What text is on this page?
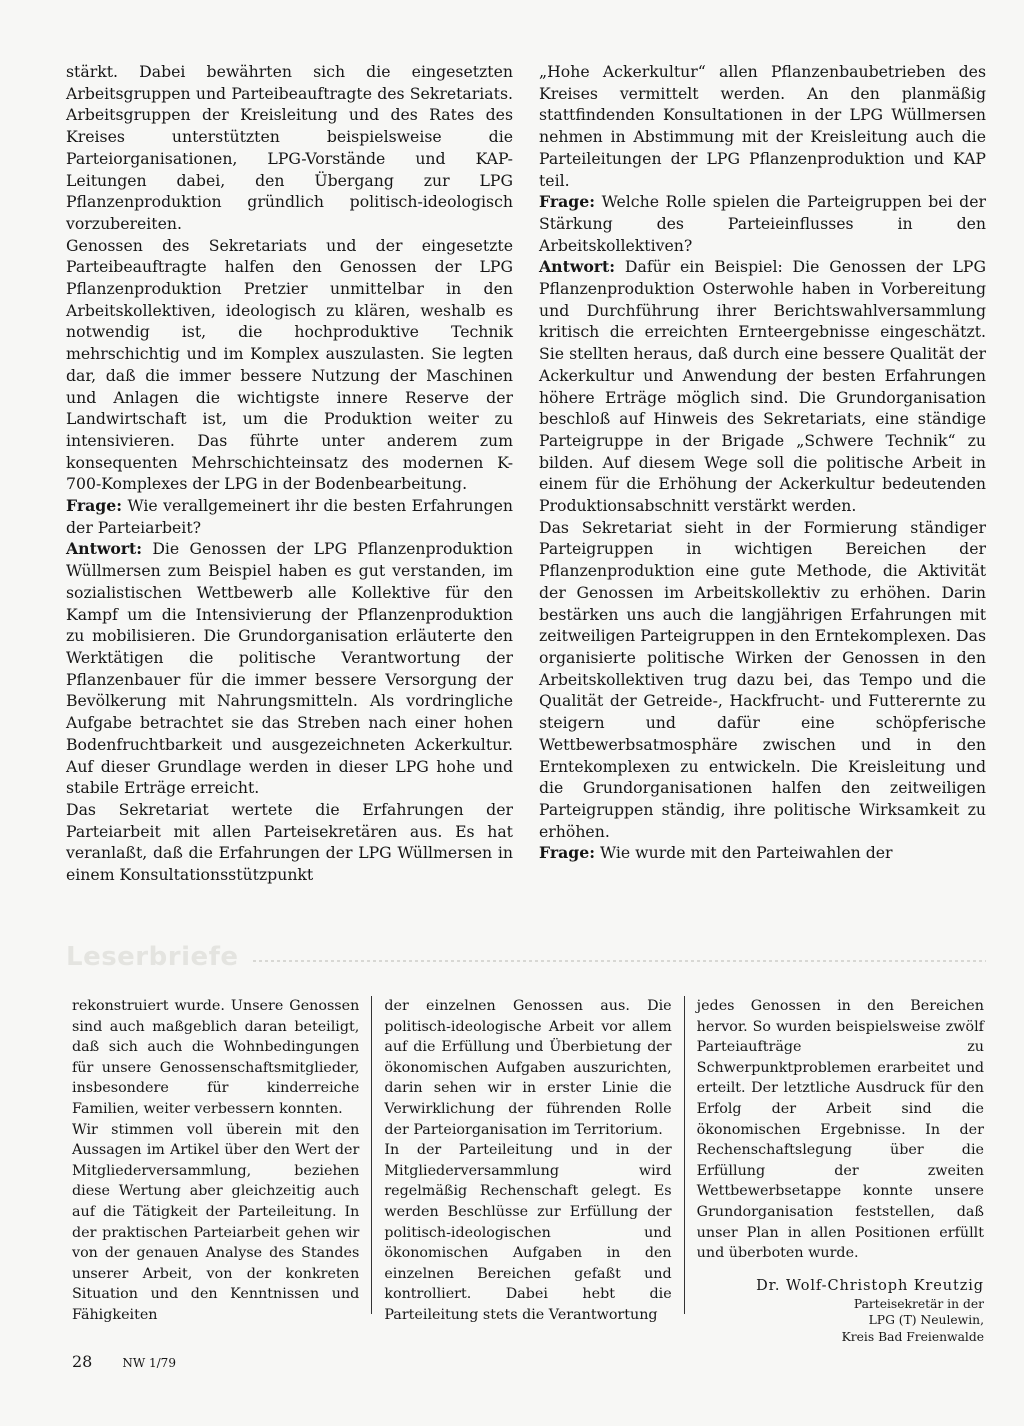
stärkt. Dabei bewährten sich die eingesetzten Arbeitsgruppen und Parteibeauftragte des Sekretariats. Arbeitsgruppen der Kreisleitung und des Rates des Kreises unterstützten beispielsweise die Parteiorganisationen, LPG-Vorstände und KAP-Leitungen dabei, den Übergang zur LPG Pflanzenproduktion gründlich politisch-ideologisch vorzubereiten.

Genossen des Sekretariats und der eingesetzte Parteibeauftragte halfen den Genossen der LPG Pflanzenproduktion Pretzier unmittelbar in den Arbeitskollektiven, ideologisch zu klären, weshalb es notwendig ist, die hochproduktive Technik mehrschichtig und im Komplex auszulasten. Sie legten dar, daß die immer bessere Nutzung der Maschinen und Anlagen die wichtigste innere Reserve der Landwirtschaft ist, um die Produktion weiter zu intensivieren. Das führte unter anderem zum konsequenten Mehrschichteinsatz des modernen K-700-Komplexes der LPG in der Bodenbearbeitung.

Frage: Wie verallgemeinert ihr die besten Erfahrungen der Parteiarbeit?

Antwort: Die Genossen der LPG Pflanzenproduktion Wüllmersen zum Beispiel haben es gut verstanden, im sozialistischen Wettbewerb alle Kollektive für den Kampf um die Intensivierung der Pflanzenproduktion zu mobilisieren. Die Grundorganisation erläuterte den Werktätigen die politische Verantwortung der Pflanzenbauer für die immer bessere Versorgung der Bevölkerung mit Nahrungsmitteln. Als vordringliche Aufgabe betrachtet sie das Streben nach einer hohen Bodenfruchtbarkeit und ausgezeichneten Ackerkultur. Auf dieser Grundlage werden in dieser LPG hohe und stabile Erträge erreicht.

Das Sekretariat wertete die Erfahrungen der Parteiarbeit mit allen Parteisekretären aus. Es hat veranlaßt, daß die Erfahrungen der LPG Wüllmersen in einem Konsultationsstützpunkt

„Hohe Ackerkultur“ allen Pflanzenbaubetrieben des Kreises vermittelt werden. An den planmäßig stattfindenden Konsultationen in der LPG Wüllmersen nehmen in Abstimmung mit der Kreisleitung auch die Parteileitungen der LPG Pflanzenproduktion und KAP teil.

Frage: Welche Rolle spielen die Parteigruppen bei der Stärkung des Parteieinflusses in den Arbeitskollektiven?

Antwort: Dafür ein Beispiel: Die Genossen der LPG Pflanzenproduktion Osterwohle haben in Vorbereitung und Durchführung ihrer Berichtswahlversammlung kritisch die erreichten Ernteergebnisse eingeschätzt. Sie stellten heraus, daß durch eine bessere Qualität der Ackerkultur und Anwendung der besten Erfahrungen höhere Erträge möglich sind. Die Grundorganisation beschloß auf Hinweis des Sekretariats, eine ständige Parteigruppe in der Brigade „Schwere Technik“ zu bilden. Auf diesem Wege soll die politische Arbeit in einem für die Erhöhung der Ackerkultur bedeutenden Produktionsabschnitt verstärkt werden.

Das Sekretariat sieht in der Formierung ständiger Parteigruppen in wichtigen Bereichen der Pflanzenproduktion eine gute Methode, die Aktivität der Genossen im Arbeitskollektiv zu erhöhen. Darin bestärken uns auch die langjährigen Erfahrungen mit zeitweiligen Parteigruppen in den Erntekomplexen. Das organisierte politische Wirken der Genossen in den Arbeitskollektiven trug dazu bei, das Tempo und die Qualität der Getreide-, Hackfrucht- und Futterernte zu steigern und dafür eine schöpferische Wettbewerbsatmosphäre zwischen und in den Erntekomplexen zu entwickeln. Die Kreisleitung und die Grundorganisationen halfen den zeitweiligen Parteigruppen ständig, ihre politische Wirksamkeit zu erhöhen.

Frage: Wie wurde mit den Parteiwahlen der

Leserbriefe

rekonstruiert wurde. Unsere Genossen sind auch maßgeblich daran beteiligt, daß sich auch die Wohnbedingungen für unsere Genossenschaftsmitglieder, insbesondere für kinderreiche Familien, weiter verbessern konnten.

Wir stimmen voll überein mit den Aussagen im Artikel über den Wert der Mitgliederversammlung, beziehen diese Wertung aber gleichzeitig auch auf die Tätigkeit der Parteileitung. In der praktischen Parteiarbeit gehen wir von der genauen Analyse des Standes unserer Arbeit, von der konkreten Situation und den Kenntnissen und Fähigkeiten

der einzelnen Genossen aus. Die politisch-ideologische Arbeit vor allem auf die Erfüllung und Überbietung der ökonomischen Aufgaben auszurichten, darin sehen wir in erster Linie die Verwirklichung der führenden Rolle der Parteiorganisation im Territorium.

In der Parteileitung und in der Mitgliederversammlung wird regelmäßig Rechenschaft gelegt. Es werden Beschlüsse zur Erfüllung der politisch-ideologischen und ökonomischen Aufgaben in den einzelnen Bereichen gefaßt und kontrolliert. Dabei hebt die Parteileitung stets die Verantwortung

jedes Genossen in den Bereichen hervor. So wurden beispielsweise zwölf Parteiaufträge zu Schwerpunktproblemen erarbeitet und erteilt. Der letztliche Ausdruck für den Erfolg der Arbeit sind die ökonomischen Ergebnisse. In der Rechenschaftslegung über die Erfüllung der zweiten Wettbewerbsetappe konnte unsere Grundorganisation feststellen, daß unser Plan in allen Positionen erfüllt und überboten wurde.

Dr. Wolf-Christoph Kreutzig
Parteisekretär in der
LPG (T) Neulewin,
Kreis Bad Freienwalde
28	NW 1/79
